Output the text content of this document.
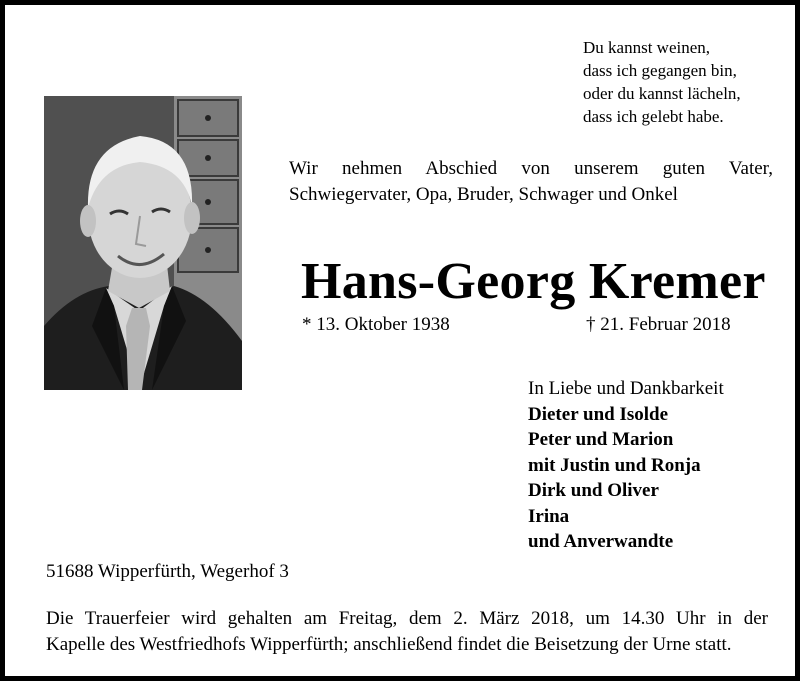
Du kannst weinen,
dass ich gegangen bin,
oder du kannst lächeln,
dass ich gelebt habe.
Wir nehmen Abschied von unserem guten Vater,
Schwiegervater, Opa, Bruder, Schwager und Onkel
Hans-Georg Kremer
* 13. Oktober 1938	† 21. Februar 2018
In Liebe und Dankbarkeit
Dieter und Isolde
Peter und Marion
mit Justin und Ronja
Dirk und Oliver
Irina
und Anverwandte
51688 Wipperfürth, Wegerhof 3
Die Trauerfeier wird gehalten am Freitag, dem 2. März 2018, um 14.30 Uhr in der
Kapelle des Westfriedhofs Wipperfürth; anschließend findet die Beisetzung der Urne statt.
